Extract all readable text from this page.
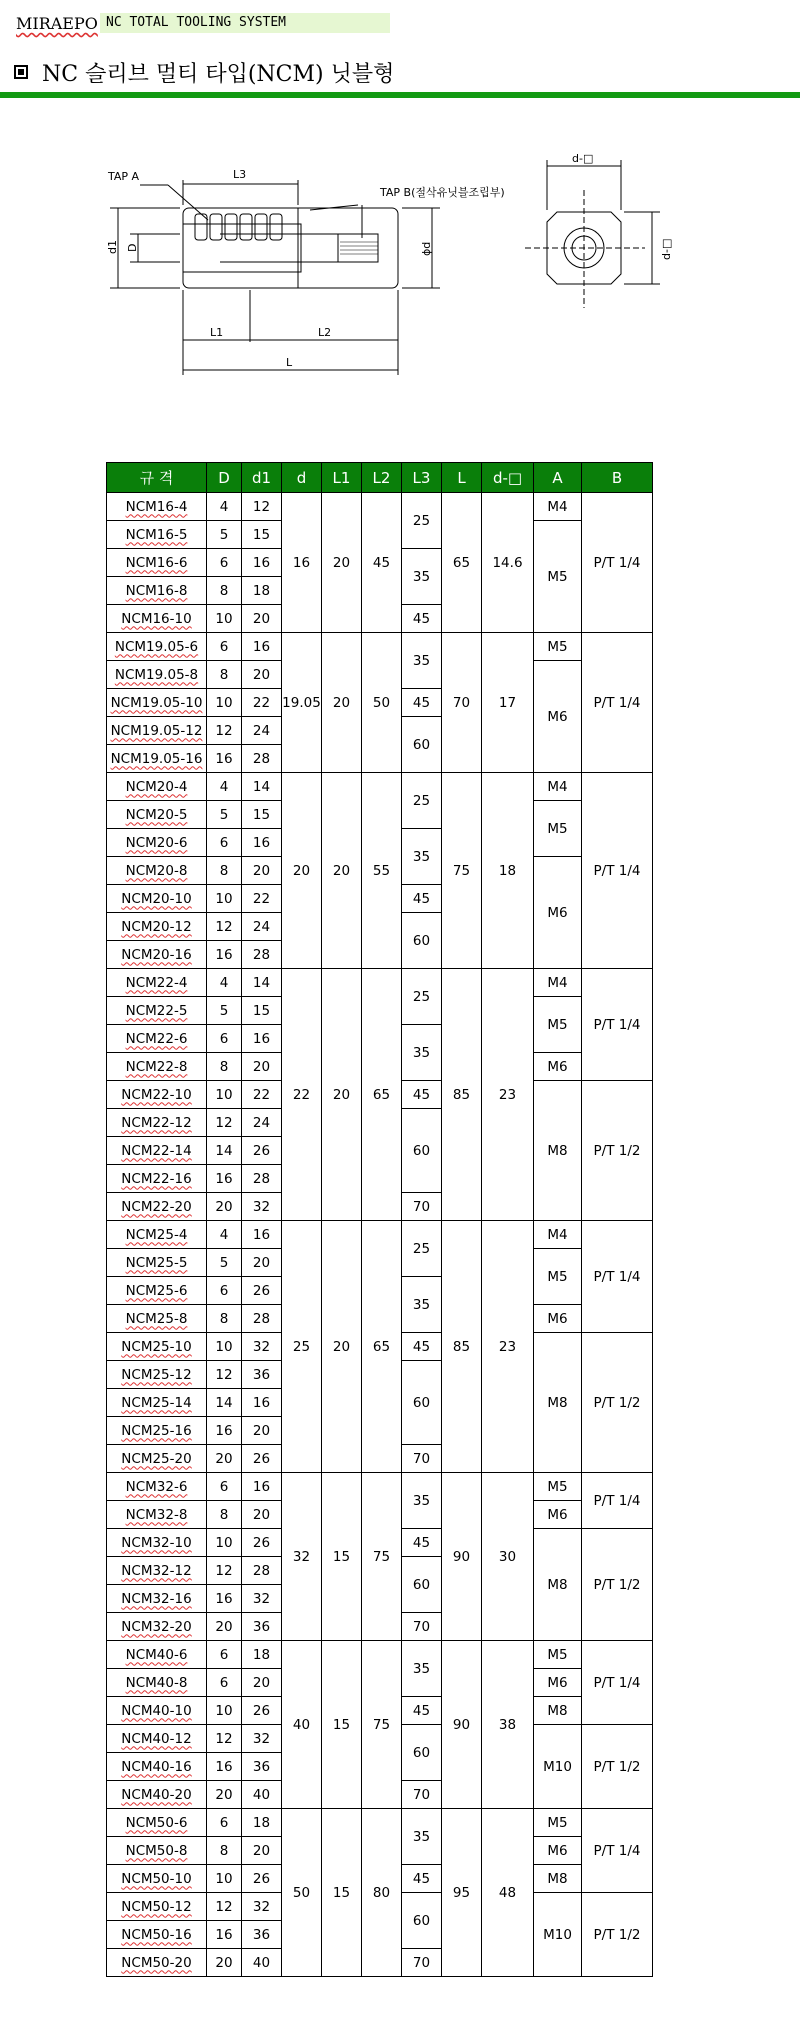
MIRAEPO NC TOTAL TOOLING SYSTEM
NC 슬리브 멀티 타입(NCM) 닛블형
TAP A	L3
TAP B(절삭유닛블조립부)
d1 D	ϕd
L1	L2
L
d-□
d-□
규 격	D	d1	d	L1	L2	L3	L	d-□	A	B
NCM16-4	4	12	16	20	45	25	65	14.6	M4	P/T 1/4
NCM16-5	5	15							M5	
NCM16-6	6	16				35				
NCM16-8	8	18								
NCM16-10	10	20				45				
NCM19.05-6	6	16	19.05	20	50	35	70	17	M5	P/T 1/4
NCM19.05-8	8	20							M6	
NCM19.05-10	10	22				45				
NCM19.05-12	12	24				60				
NCM19.05-16	16	28								
NCM20-4	4	14	20	20	55	25	75	18	M4	P/T 1/4
NCM20-5	5	15							M5	
NCM20-6	6	16				35				
NCM20-8	8	20							M6	
NCM20-10	10	22				45				
NCM20-12	12	24				60				
NCM20-16	16	28								
NCM22-4	4	14	22	20	65	25	85	23	M4	P/T 1/4
NCM22-5	5	15							M5	
NCM22-6	6	16				35				
NCM22-8	8	20							M6	
NCM22-10	10	22				45			M8	P/T 1/2
NCM22-12	12	24				60				
NCM22-14	14	26								
NCM22-16	16	28								
NCM22-20	20	32				70				
NCM25-4	4	16	25	20	65	25	85	23	M4	P/T 1/4
NCM25-5	5	20							M5	
NCM25-6	6	26				35				
NCM25-8	8	28							M6	
NCM25-10	10	32				45			M8	P/T 1/2
NCM25-12	12	36				60				
NCM25-14	14	16								
NCM25-16	16	20								
NCM25-20	20	26				70				
NCM32-6	6	16	32	15	75	35	90	30	M5	P/T 1/4
NCM32-8	8	20							M6	
NCM32-10	10	26				45			M8	P/T 1/2
NCM32-12	12	28				60				
NCM32-16	16	32								
NCM32-20	20	36				70				
NCM40-6	6	18	40	15	75	35	90	38	M5	P/T 1/4
NCM40-8	6	20							M6	
NCM40-10	10	26				45			M8	
NCM40-12	12	32				60			M10	P/T 1/2
NCM40-16	16	36								
NCM40-20	20	40				70				
NCM50-6	6	18	50	15	80	35	95	48	M5	P/T 1/4
NCM50-8	8	20							M6	
NCM50-10	10	26				45			M8	
NCM50-12	12	32				60			M10	P/T 1/2
NCM50-16	16	36								
NCM50-20	20	40				70				
